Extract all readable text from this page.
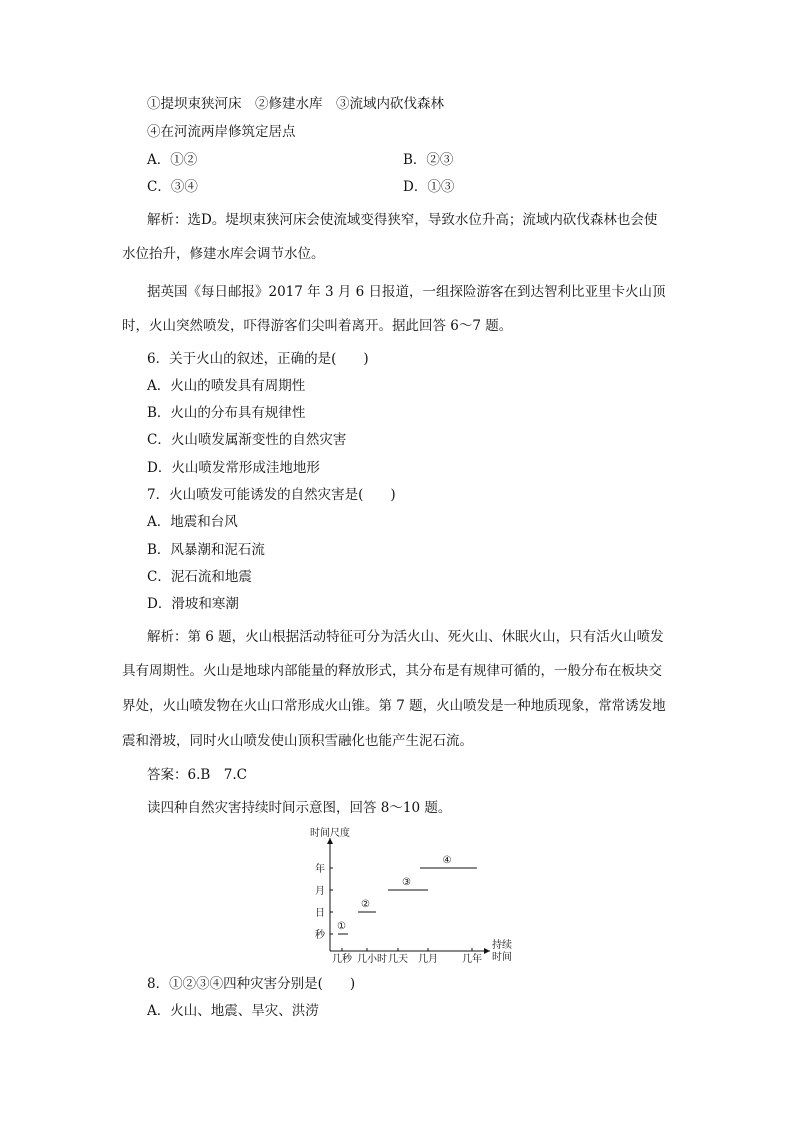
①提坝束狭河床　②修建水库　③流域内砍伐森林
④在河流两岸修筑定居点
A．①②	B．②③
C．③④	D．①③
解析：选D。堤坝束狭河床会使流域变得狭窄，导致水位升高；流域内砍伐森林也会使
水位抬升，修建水库会调节水位。
据英国《每日邮报》2017 年 3 月 6 日报道，一组探险游客在到达智利比亚里卡火山顶
时，火山突然喷发，吓得游客们尖叫着离开。据此回答 6～7 题。
6．关于火山的叙述，正确的是(　　)
A．火山的喷发具有周期性
B．火山的分布具有规律性
C．火山喷发属渐变性的自然灾害
D．火山喷发常形成洼地地形
7．火山喷发可能诱发的自然灾害是(　　)
A．地震和台风
B．风暴潮和泥石流
C．泥石流和地震
D．滑坡和寒潮
解析：第 6 题，火山根据活动特征可分为活火山、死火山、休眠火山，只有活火山喷发
具有周期性。火山是地球内部能量的释放形式，其分布是有规律可循的，一般分布在板块交
界处，火山喷发物在火山口常形成火山锥。第 7 题，火山喷发是一种地质现象，常常诱发地
震和滑坡，同时火山喷发使山顶积雪融化也能产生泥石流。
答案：6.B　7.C
读四种自然灾害持续时间示意图，回答 8～10 题。
时间尺度
持续
时间
年
月
日
秒
几秒 几小时 几天 几月 几年
①
②
③
④
8．①②③④四种灾害分别是(　　)
A．火山、地震、旱灾、洪涝
